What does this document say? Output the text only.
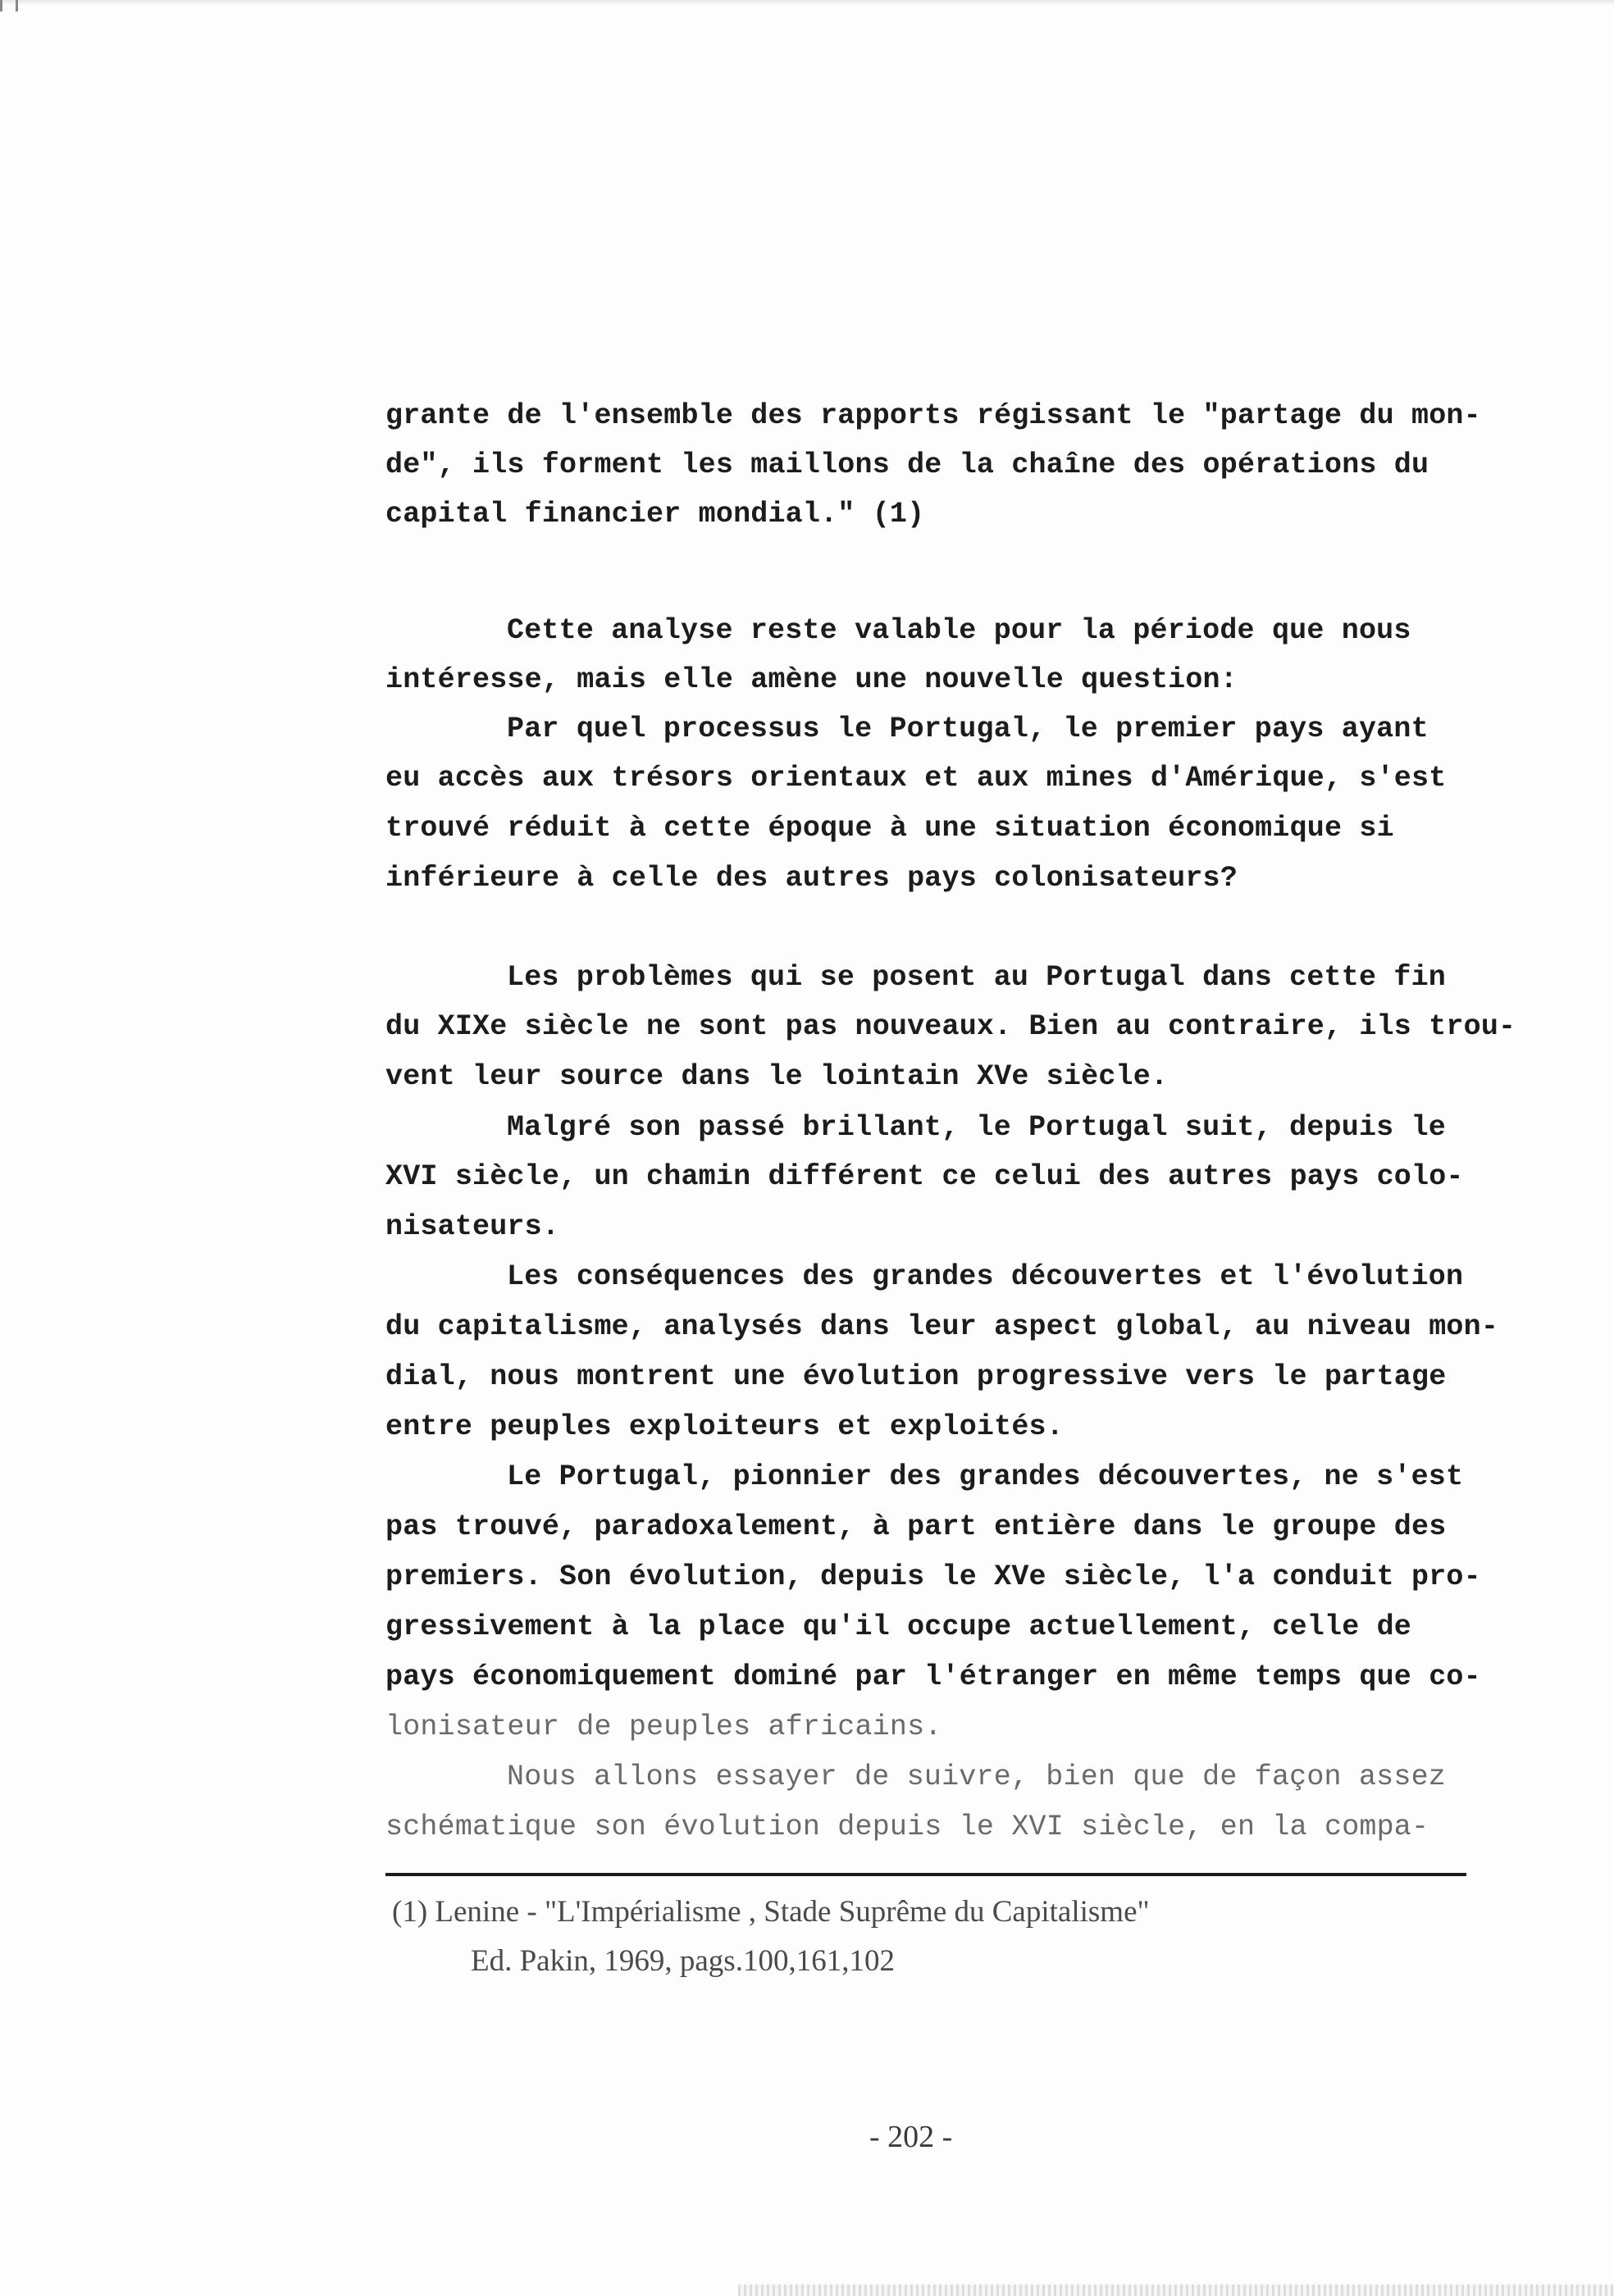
grante de l'ensemble des rapports régissant le "partage du mon-
de", ils forment les maillons de la chaîne des opérations du
capital financier mondial." (1)
Cette analyse reste valable pour la période que nous
intéresse, mais elle amène une nouvelle question:
Par quel processus le Portugal, le premier pays ayant
eu accès aux trésors orientaux et aux mines d'Amérique, s'est
trouvé réduit à cette époque à une situation économique si
inférieure à celle des autres pays colonisateurs?
Les problèmes qui se posent au Portugal dans cette fin
du XIXe siècle ne sont pas nouveaux. Bien au contraire, ils trou-
vent leur source dans le lointain XVe siècle.
Malgré son passé brillant, le Portugal suit, depuis le
XVI siècle, un chamin différent ce celui des autres pays colo-
nisateurs.
Les conséquences des grandes découvertes et l'évolution
du capitalisme, analysés dans leur aspect global, au niveau mon-
dial, nous montrent une évolution progressive vers le partage
entre peuples exploiteurs et exploités.
Le Portugal, pionnier des grandes découvertes, ne s'est
pas trouvé, paradoxalement, à part entière dans le groupe des
premiers. Son évolution, depuis le XVe siècle, l'a conduit pro-
gressivement à la place qu'il occupe actuellement, celle de
pays économiquement dominé par l'étranger en même temps que co-
lonisateur de peuples africains.
Nous allons essayer de suivre, bien que de façon assez
schématique son évolution depuis le XVI siècle, en la compa-
(1) Lenine - "L'Impérialisme , Stade Suprême du Capitalisme"
Ed. Pakin, 1969, pags.100,161,102
- 202 -
